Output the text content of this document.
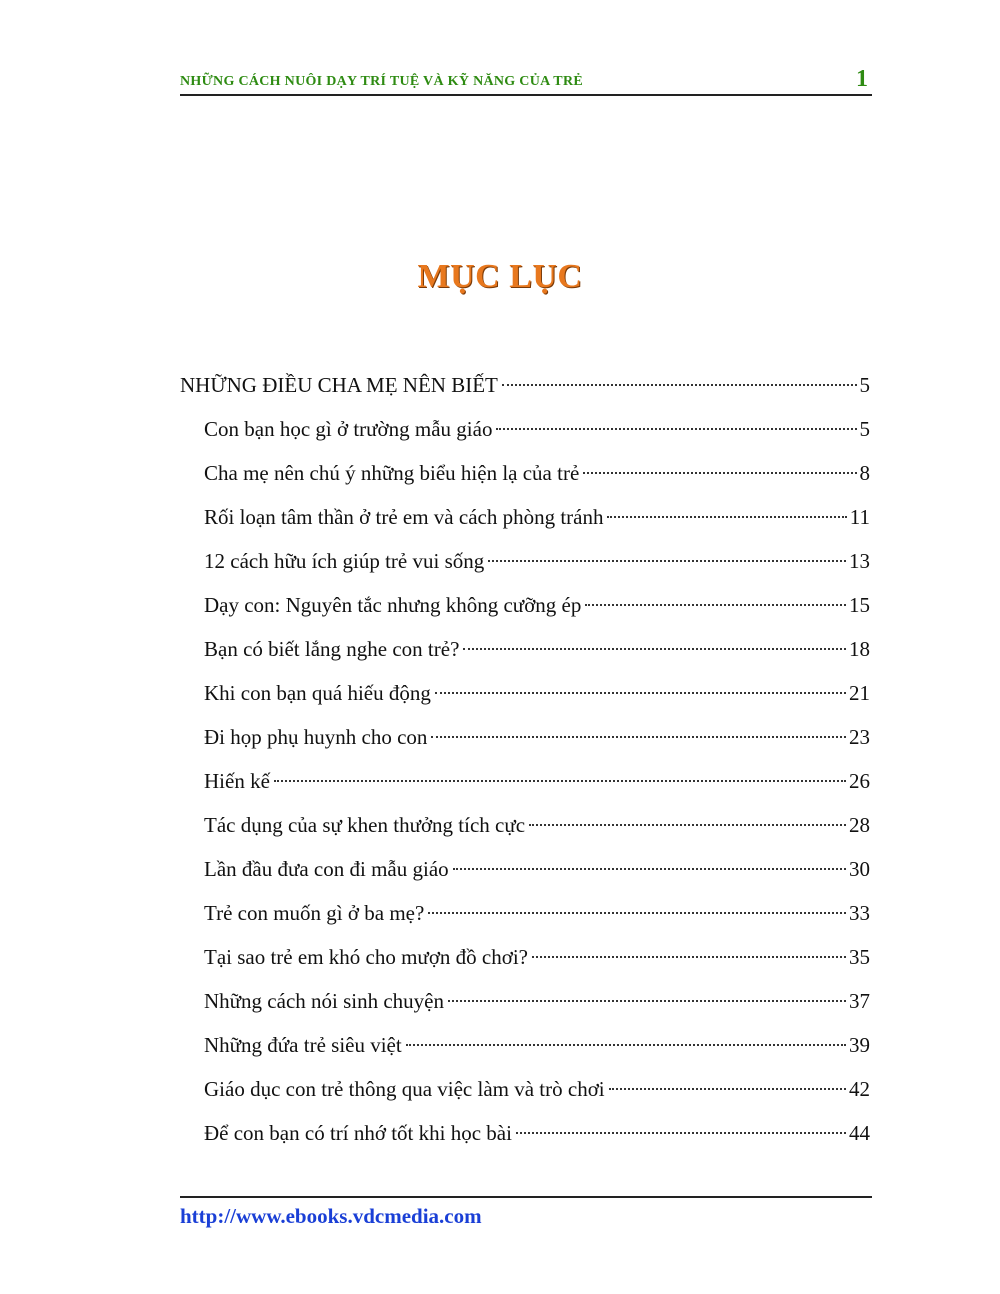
NHỮNG CÁCH NUÔI DẠY TRÍ TUỆ VÀ KỸ NĂNG CỦA TRẺ	1
MỤC LỤC
NHỮNG ĐIỀU CHA MẸ NÊN BIẾT	5
Con bạn học gì ở trường mẫu giáo	5
Cha mẹ nên chú ý những biểu hiện lạ của trẻ	8
Rối loạn tâm thần ở trẻ em và cách phòng tránh	11
12 cách hữu ích giúp trẻ vui sống	13
Dạy con: Nguyên tắc nhưng không cưỡng ép	15
Bạn có biết lắng nghe con trẻ?	18
Khi con bạn quá hiếu động	21
Đi họp phụ huynh cho con	23
Hiến kế	26
Tác dụng của sự khen thưởng tích cực	28
Lần đầu đưa con đi mẫu giáo	30
Trẻ con muốn gì ở ba mẹ?	33
Tại sao trẻ em khó cho mượn đồ chơi?	35
Những cách nói sinh chuyện	37
Những đứa trẻ siêu việt	39
Giáo dục con trẻ thông qua việc làm và trò chơi	42
Để con bạn có trí nhớ tốt khi học bài	44
http://www.ebooks.vdcmedia.com
